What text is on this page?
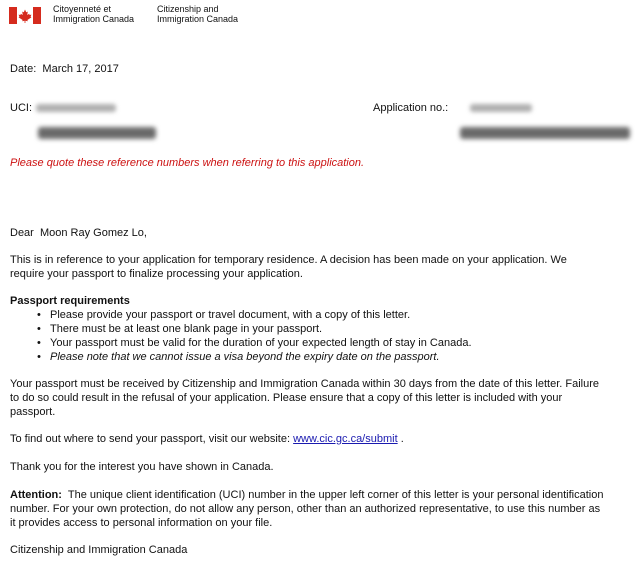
Citoyenneté et
Immigration Canada
Citizenship and
Immigration Canada
Date: March 17, 2017
UCI:	Application no.:
Please quote these reference numbers when referring to this application.
Dear Moon Ray Gomez Lo,
This is in reference to your application for temporary residence. A decision has been made on your application. We
require your passport to finalize processing your application.
Passport requirements
• Please provide your passport or travel document, with a copy of this letter.
• There must be at least one blank page in your passport.
• Your passport must be valid for the duration of your expected length of stay in Canada.
• Please note that we cannot issue a visa beyond the expiry date on the passport.
Your passport must be received by Citizenship and Immigration Canada within 30 days from the date of this letter. Failure
to do so could result in the refusal of your application. Please ensure that a copy of this letter is included with your
passport.
To find out where to send your passport, visit our website: www.cic.gc.ca/submit .
Thank you for the interest you have shown in Canada.
Attention:  The unique client identification (UCI) number in the upper left corner of this letter is your personal identification
number. For your own protection, do not allow any person, other than an authorized representative, to use this number as
it provides access to personal information on your file.
Citizenship and Immigration Canada
